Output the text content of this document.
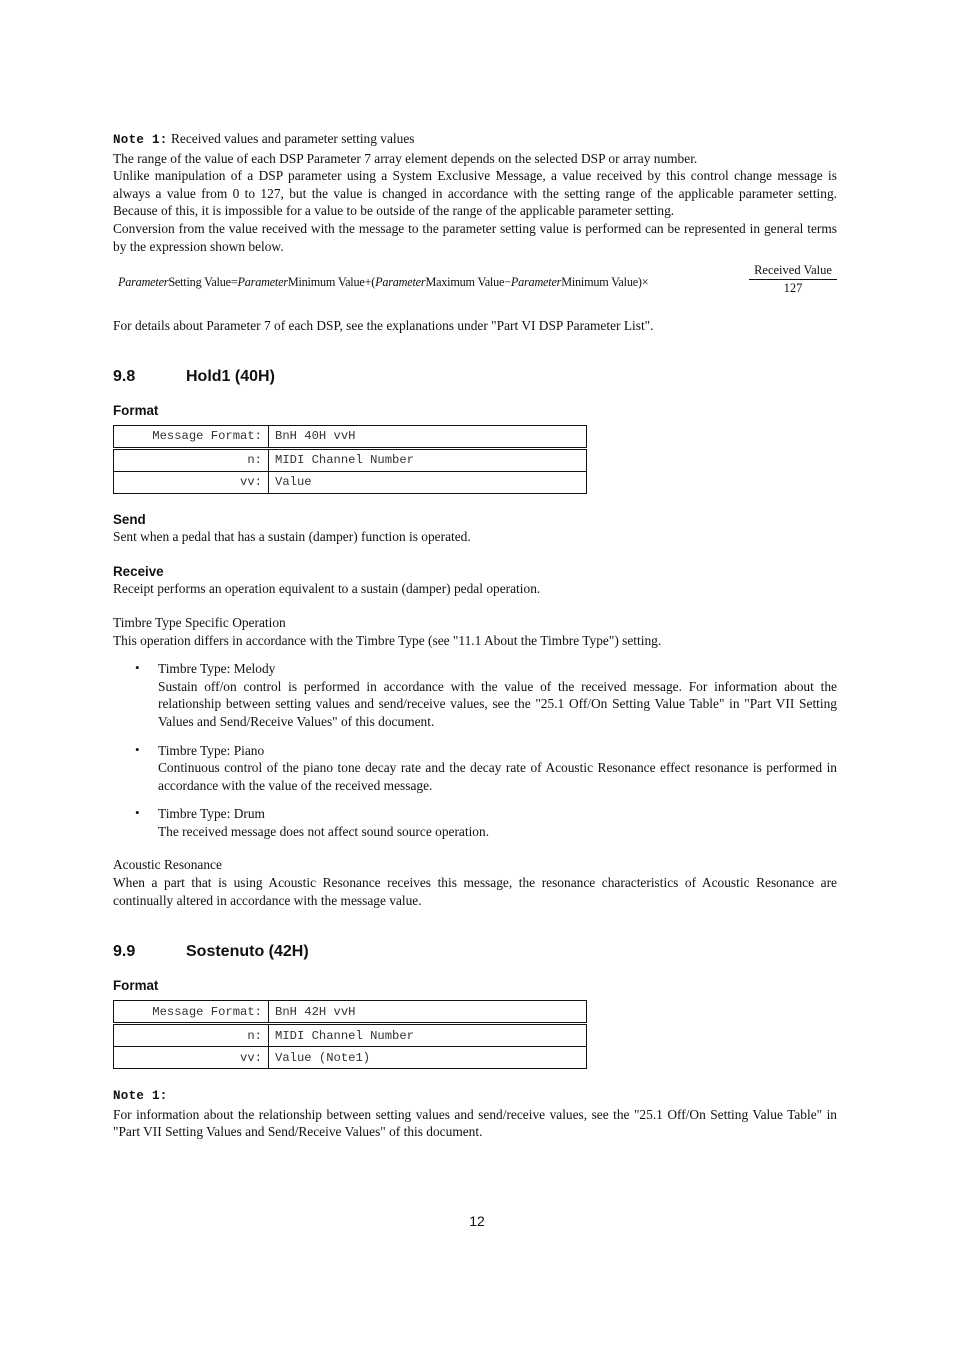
Note 1: Received values and parameter setting values

The range of the value of each DSP Parameter 7 array element depends on the selected DSP or array number.

Unlike manipulation of a DSP parameter using a System Exclusive Message, a value received by this control change message is always a value from 0 to 127, but the value is changed in accordance with the setting range of the applicable parameter setting. Because of this, it is impossible for a value to be outside of the range of the applicable parameter setting.

Conversion from the value received with the message to the parameter setting value is performed can be represented in general terms by the expression shown below.

ParameterSetting Value=ParameterMinimum Value+(ParameterMaximum Value−ParameterMinimum Value)×
Received Value
127

For details about Parameter 7 of each DSP, see the explanations under "Part VI DSP Parameter List".

9.8	Hold1 (40H)
Format
Message Format:	BnH 40H vvH
n:	MIDI Channel Number
vv:	Value
Send

Sent when a pedal that has a sustain (damper) function is operated.

Receive

Receipt performs an operation equivalent to a sustain (damper) pedal operation.

Timbre Type Specific Operation

This operation differs in accordance with the Timbre Type (see "11.1 About the Timbre Type") setting.

• Timbre Type: Melody

Sustain off/on control is performed in accordance with the value of the received message. For information about the relationship between setting values and send/receive values, see the "25.1 Off/On Setting Value Table" in "Part VII Setting Values and Send/Receive Values" of this document.

• Timbre Type: Piano

Continuous control of the piano tone decay rate and the decay rate of Acoustic Resonance effect resonance is performed in accordance with the value of the received message.

• Timbre Type: Drum

The received message does not affect sound source operation.

Acoustic Resonance

When a part that is using Acoustic Resonance receives this message, the resonance characteristics of Acoustic Resonance are continually altered in accordance with the message value.

9.9	Sostenuto (42H)
Format
Message Format:	BnH 42H vvH
n:	MIDI Channel Number
vv:	Value (Note1)

Note 1:

For information about the relationship between setting values and send/receive values, see the "25.1 Off/On Setting Value Table" in "Part VII Setting Values and Send/Receive Values" of this document.

12
